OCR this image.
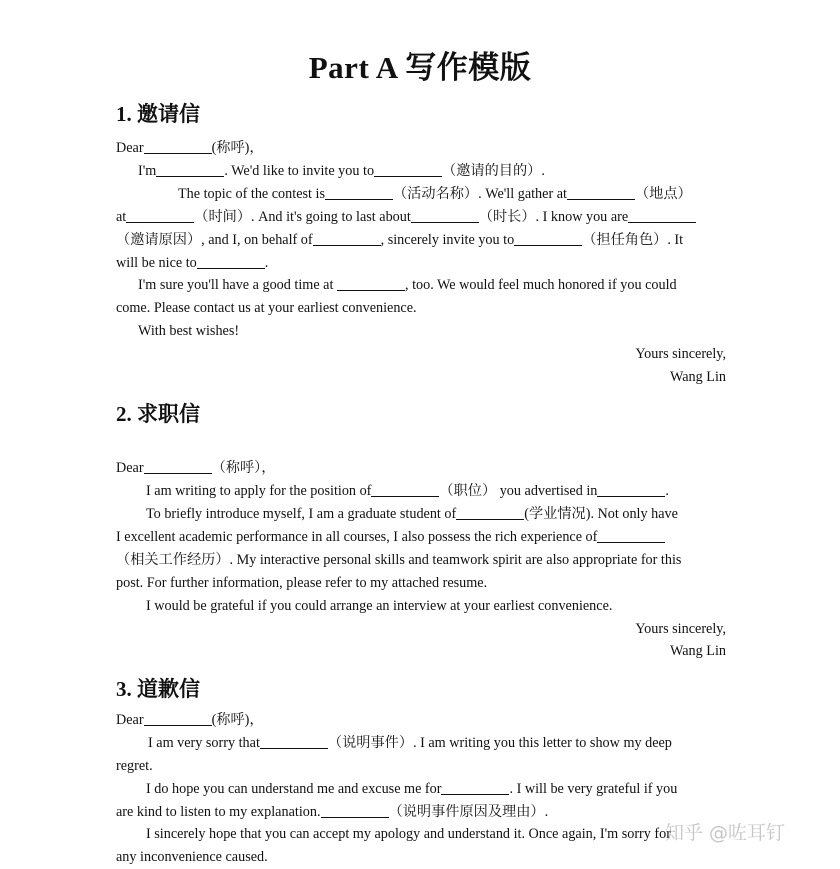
Part A 写作模版
1. 邀请信
Dear	(称呼)，
I'm	. We'd like to invite you to	（邀请的目的）.
The topic of the contest is	（活动名称）. We'll gather at	（地点）
at	（时间）. And it's going to last about	（时长）. I know you are
（邀请原因）, and I, on behalf of	, sincerely invite you to	（担任角色）. It
will be nice to	.
I'm sure you'll have a good time at	, too. We would feel much honored if you could
come. Please contact us at your earliest convenience.
With best wishes!
Yours sincerely,
Wang Lin
2. 求职信
Dear	（称呼），
I am writing to apply for the position of	（职位） you advertised in	.
To briefly introduce myself, I am a graduate student of	(学业情况). Not only have
I excellent academic performance in all courses, I also possess the rich experience of
（相关工作经历）. My interactive personal skills and teamwork spirit are also appropriate for this
post. For further information, please refer to my attached resume.
I would be grateful if you could arrange an interview at your earliest convenience.
Yours sincerely,
Wang Lin
3. 道歉信
Dear	(称呼)，
I am very sorry that	（说明事件）. I am writing you this letter to show my deep
regret.
I do hope you can understand me and excuse me for	. I will be very grateful if you
are kind to listen to my explanation.	（说明事件原因及理由）.
I sincerely hope that you can accept my apology and understand it. Once again, I'm sorry for
any inconvenience caused.
知乎 @咗耳钉
